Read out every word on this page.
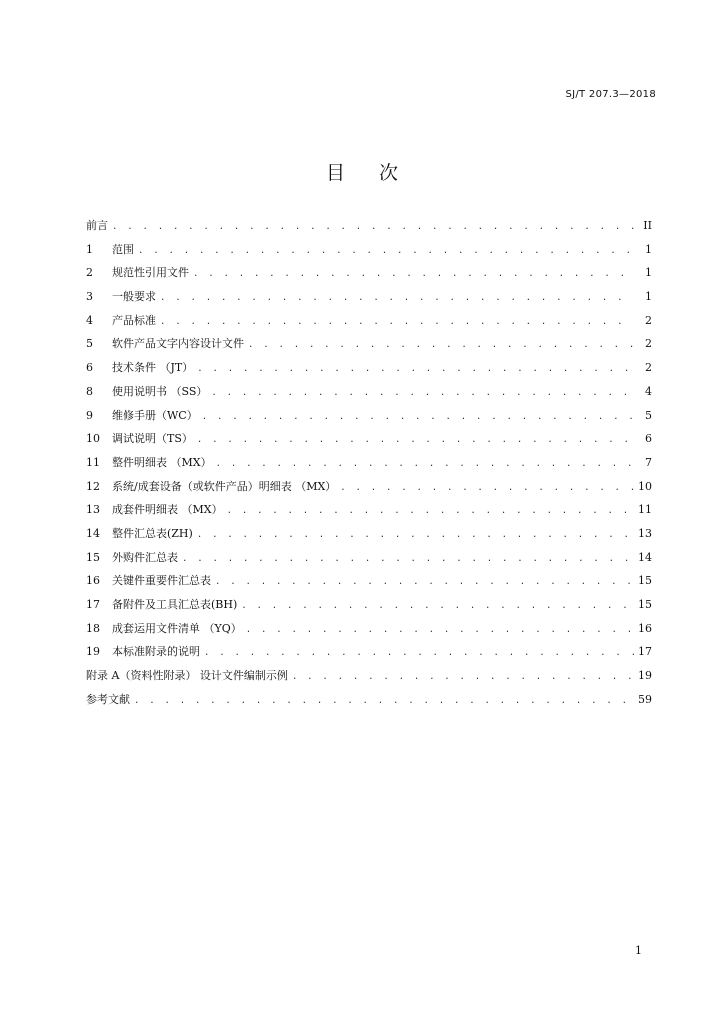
SJ/T 207.3—2018
目 次
前言 . . .	II
1	范围 . . .	1
2	规范性引用文件 . . .	1
3	一般要求 . . .	1
4	产品标准 . . .	2
5	软件产品文字内容设计文件 . . .	2
6	技术条件 （JT） . . .	2
8	使用说明书 （SS） . . .	4
9	维修手册（WC） . . .	5
10	调试说明（TS） . . .	6
11	整件明细表 （MX） . . .	7
12	系统/成套设备（或软件产品）明细表 （MX） . . .	10
13	成套件明细表 （MX） . . .	11
14	整件汇总表(ZH) . . .	13
15	外购件汇总表 . . .	14
16	关键件重要件汇总表 . . .	15
17	备附件及工具汇总表(BH) . . .	15
18	成套运用文件清单 （YQ） . . .	16
19	本标准附录的说明 . . .	17
附录 A（资料性附录） 设计文件编制示例 . . .	19
参考文献 . . .	59
1
